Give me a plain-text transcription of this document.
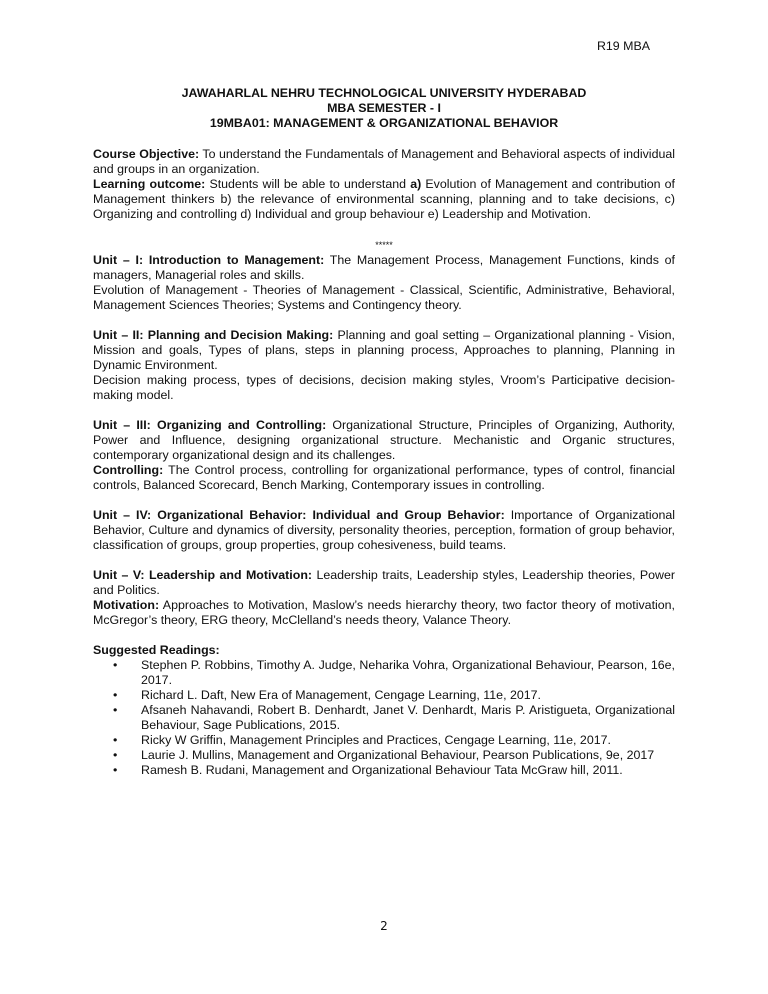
R19 MBA
JAWAHARLAL NEHRU TECHNOLOGICAL UNIVERSITY HYDERABAD
MBA SEMESTER - I
19MBA01: MANAGEMENT & ORGANIZATIONAL BEHAVIOR

Course Objective: To understand the Fundamentals of Management and Behavioral aspects of individual and groups in an organization.

Learning outcome: Students will be able to understand a) Evolution of Management and contribution of Management thinkers b) the relevance of environmental scanning, planning and to take decisions, c) Organizing and controlling d) Individual and group behaviour e) Leadership and Motivation.

*****

Unit – I: Introduction to Management: The Management Process, Management Functions, kinds of managers, Managerial roles and skills.

Evolution of Management - Theories of Management - Classical, Scientific, Administrative, Behavioral, Management Sciences Theories; Systems and Contingency theory.

Unit – II: Planning and Decision Making: Planning and goal setting – Organizational planning - Vision, Mission and goals, Types of plans, steps in planning process, Approaches to planning, Planning in Dynamic Environment.

Decision making process, types of decisions, decision making styles, Vroom’s Participative decision-making model.

Unit – III: Organizing and Controlling: Organizational Structure, Principles of Organizing, Authority, Power and Influence, designing organizational structure. Mechanistic and Organic structures, contemporary organizational design and its challenges.

Controlling: The Control process, controlling for organizational performance, types of control, financial controls, Balanced Scorecard, Bench Marking, Contemporary issues in controlling.

Unit – IV: Organizational Behavior: Individual and Group Behavior: Importance of Organizational Behavior, Culture and dynamics of diversity, personality theories, perception, formation of group behavior, classification of groups, group properties, group cohesiveness, build teams.

Unit – V: Leadership and Motivation: Leadership traits, Leadership styles, Leadership theories, Power and Politics.

Motivation: Approaches to Motivation, Maslow’s needs hierarchy theory, two factor theory of motivation, McGregor’s theory, ERG theory, McClelland’s needs theory, Valance Theory.

Suggested Readings:
• Stephen P. Robbins, Timothy A. Judge, Neharika Vohra, Organizational Behaviour, Pearson, 16e, 2017.
• Richard L. Daft, New Era of Management, Cengage Learning, 11e, 2017.
• Afsaneh Nahavandi, Robert B. Denhardt, Janet V. Denhardt, Maris P. Aristigueta, Organizational Behaviour, Sage Publications, 2015.
• Ricky W Griffin, Management Principles and Practices, Cengage Learning, 11e, 2017.
• Laurie J. Mullins, Management and Organizational Behaviour, Pearson Publications, 9e, 2017
• Ramesh B. Rudani, Management and Organizational Behaviour Tata McGraw hill, 2011.
2
